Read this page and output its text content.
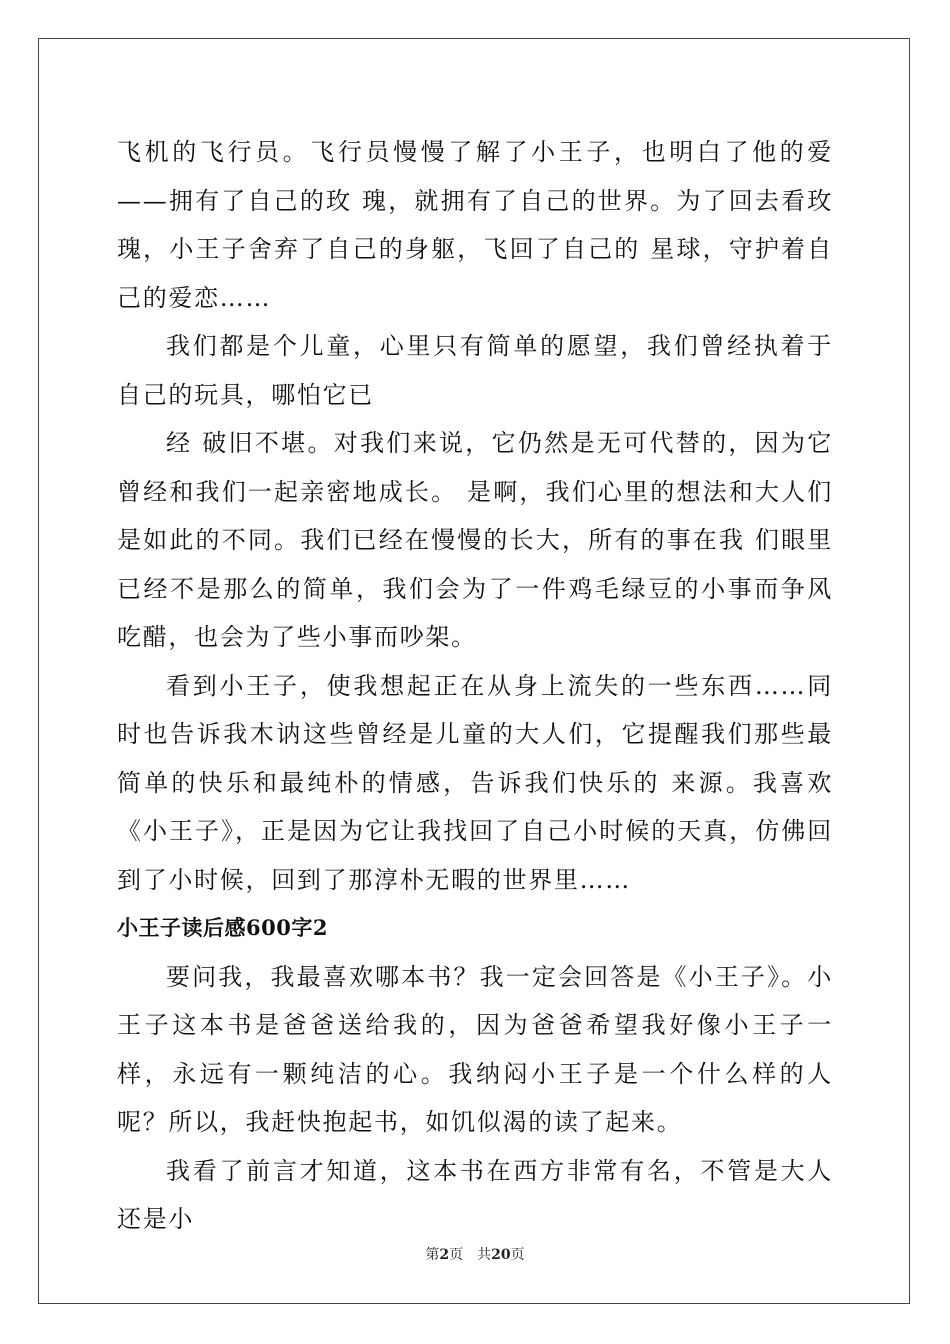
飞机的飞行员。飞行员慢慢了解了小王子，也明白了他的爱——拥有了自己的玫 瑰，就拥有了自己的世界。为了回去看玫瑰，小王子舍弃了自己的身躯，飞回了自己的 星球，守护着自己的爱恋……

我们都是个儿童，心里只有简单的愿望，我们曾经执着于自己的玩具，哪怕它已

经 破旧不堪。对我们来说，它仍然是无可代替的，因为它曾经和我们一起亲密地成长。 是啊，我们心里的想法和大人们是如此的不同。我们已经在慢慢的长大，所有的事在我 们眼里已经不是那么的简单，我们会为了一件鸡毛绿豆的小事而争风吃醋，也会为了些小事而吵架。

看到小王子，使我想起正在从身上流失的一些东西……同时也告诉我木讷这些曾经是儿童的大人们，它提醒我们那些最简单的快乐和最纯朴的情感，告诉我们快乐的 来源。我喜欢《小王子》，正是因为它让我找回了自己小时候的天真，仿佛回到了小时候，回到了那淳朴无暇的世界里……

小王子读后感600字2

要问我，我最喜欢哪本书？我一定会回答是《小王子》。小王子这本书是爸爸送给我的，因为爸爸希望我好像小王子一样，永远有一颗纯洁的心。我纳闷小王子是一个什么样的人呢？所以，我赶快抱起书，如饥似渴的读了起来。

我看了前言才知道，这本书在西方非常有名，不管是大人还是小

第2页 共20页
